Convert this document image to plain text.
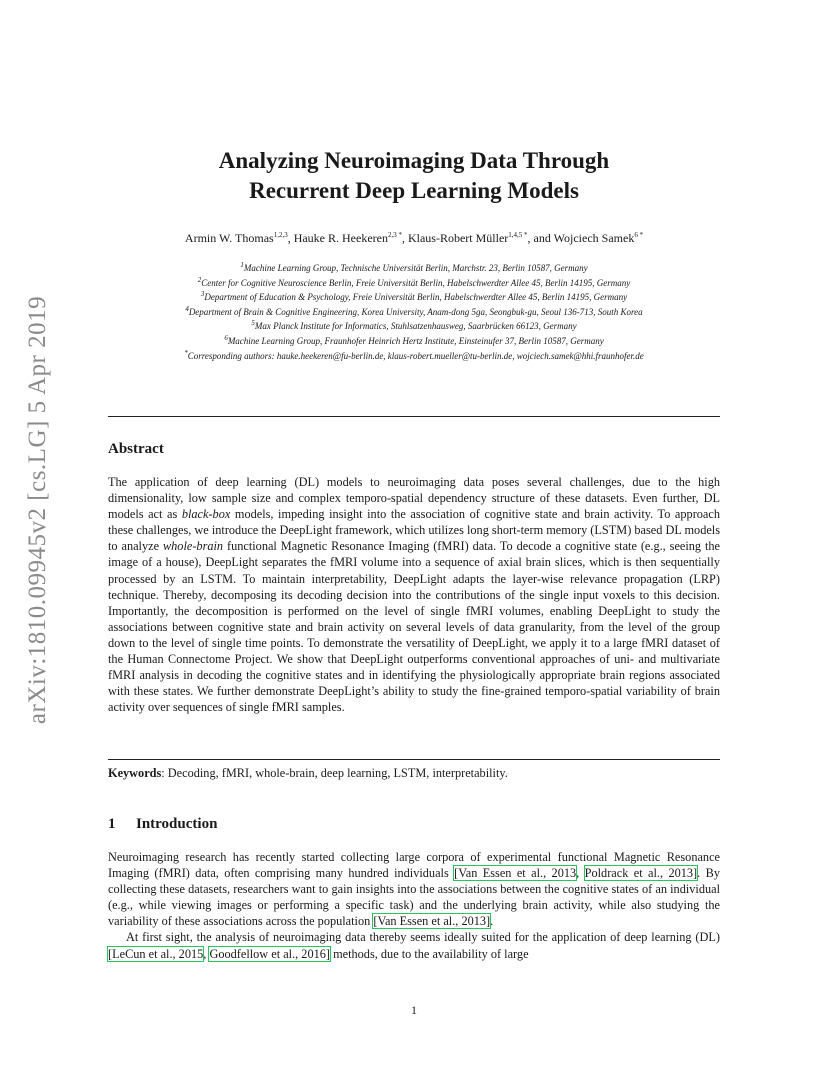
arXiv:1810.09945v2 [cs.LG] 5 Apr 2019
Analyzing Neuroimaging Data Through
Recurrent Deep Learning Models
Armin W. Thomas$^{1,2,3}$, Hauke R. Heekeren$^{2,3 *}$, Klaus-Robert Müller$^{1,4,5 *}$, and Wojciech Samek$^{6 *}$
$^1$Machine Learning Group, Technische Universität Berlin, Marchstr. 23, Berlin 10587, Germany
$^2$Center for Cognitive Neuroscience Berlin, Freie Universität Berlin, Habelschwerdter Allee 45, Berlin 14195, Germany
$^3$Department of Education & Psychology, Freie Universität Berlin, Habelschwerdter Allee 45, Berlin 14195, Germany
$^4$Department of Brain & Cognitive Engineering, Korea University, Anam-dong 5ga, Seongbuk-gu, Seoul 136-713, South Korea
$^5$Max Planck Institute for Informatics, Stuhlsatzenhausweg, Saarbrücken 66123, Germany
$^6$Machine Learning Group, Fraunhofer Heinrich Hertz Institute, Einsteinufer 37, Berlin 10587, Germany
*Corresponding authors: hauke.heekeren@fu-berlin.de, klaus-robert.mueller@tu-berlin.de, wojciech.samek@hhi.fraunhofer.de
Abstract

The application of deep learning (DL) models to neuroimaging data poses several challenges, due to the high dimensionality, low sample size and complex temporo-spatial dependency structure of these datasets. Even further, DL models act as black-box models, impeding insight into the association of cognitive state and brain activity. To approach these challenges, we introduce the DeepLight framework, which utilizes long short-term memory (LSTM) based DL models to analyze whole-brain functional Magnetic Resonance Imaging (fMRI) data. To decode a cognitive state (e.g., seeing the image of a house), DeepLight separates the fMRI volume into a sequence of axial brain slices, which is then sequentially processed by an LSTM. To maintain interpretability, DeepLight adapts the layer-wise relevance propagation (LRP) technique. Thereby, decomposing its decoding decision into the contributions of the single input voxels to this decision. Importantly, the decomposition is performed on the level of single fMRI volumes, enabling DeepLight to study the associations between cognitive state and brain activity on several levels of data granularity, from the level of the group down to the level of single time points. To demonstrate the versatility of DeepLight, we apply it to a large fMRI dataset of the Human Connectome Project. We show that DeepLight outperforms conventional approaches of uni- and multivariate fMRI analysis in decoding the cognitive states and in identifying the physiologically appropriate brain regions associated with these states. We further demonstrate DeepLight’s ability to study the fine-grained temporo-spatial variability of brain activity over sequences of single fMRI samples.

Keywords: Decoding, fMRI, whole-brain, deep learning, LSTM, interpretability.

1 Introduction

Neuroimaging research has recently started collecting large corpora of experimental functional Magnetic Resonance Imaging (fMRI) data, often comprising many hundred individuals [Van Essen et al., 2013, Poldrack et al., 2013]. By collecting these datasets, researchers want to gain insights into the associations between the cognitive states of an individual (e.g., while viewing images or performing a specific task) and the underlying brain activity, while also studying the variability of these associations across the population [Van Essen et al., 2013].

At first sight, the analysis of neuroimaging data thereby seems ideally suited for the application of deep learning (DL) [LeCun et al., 2015, Goodfellow et al., 2016] methods, due to the availability of large

1
